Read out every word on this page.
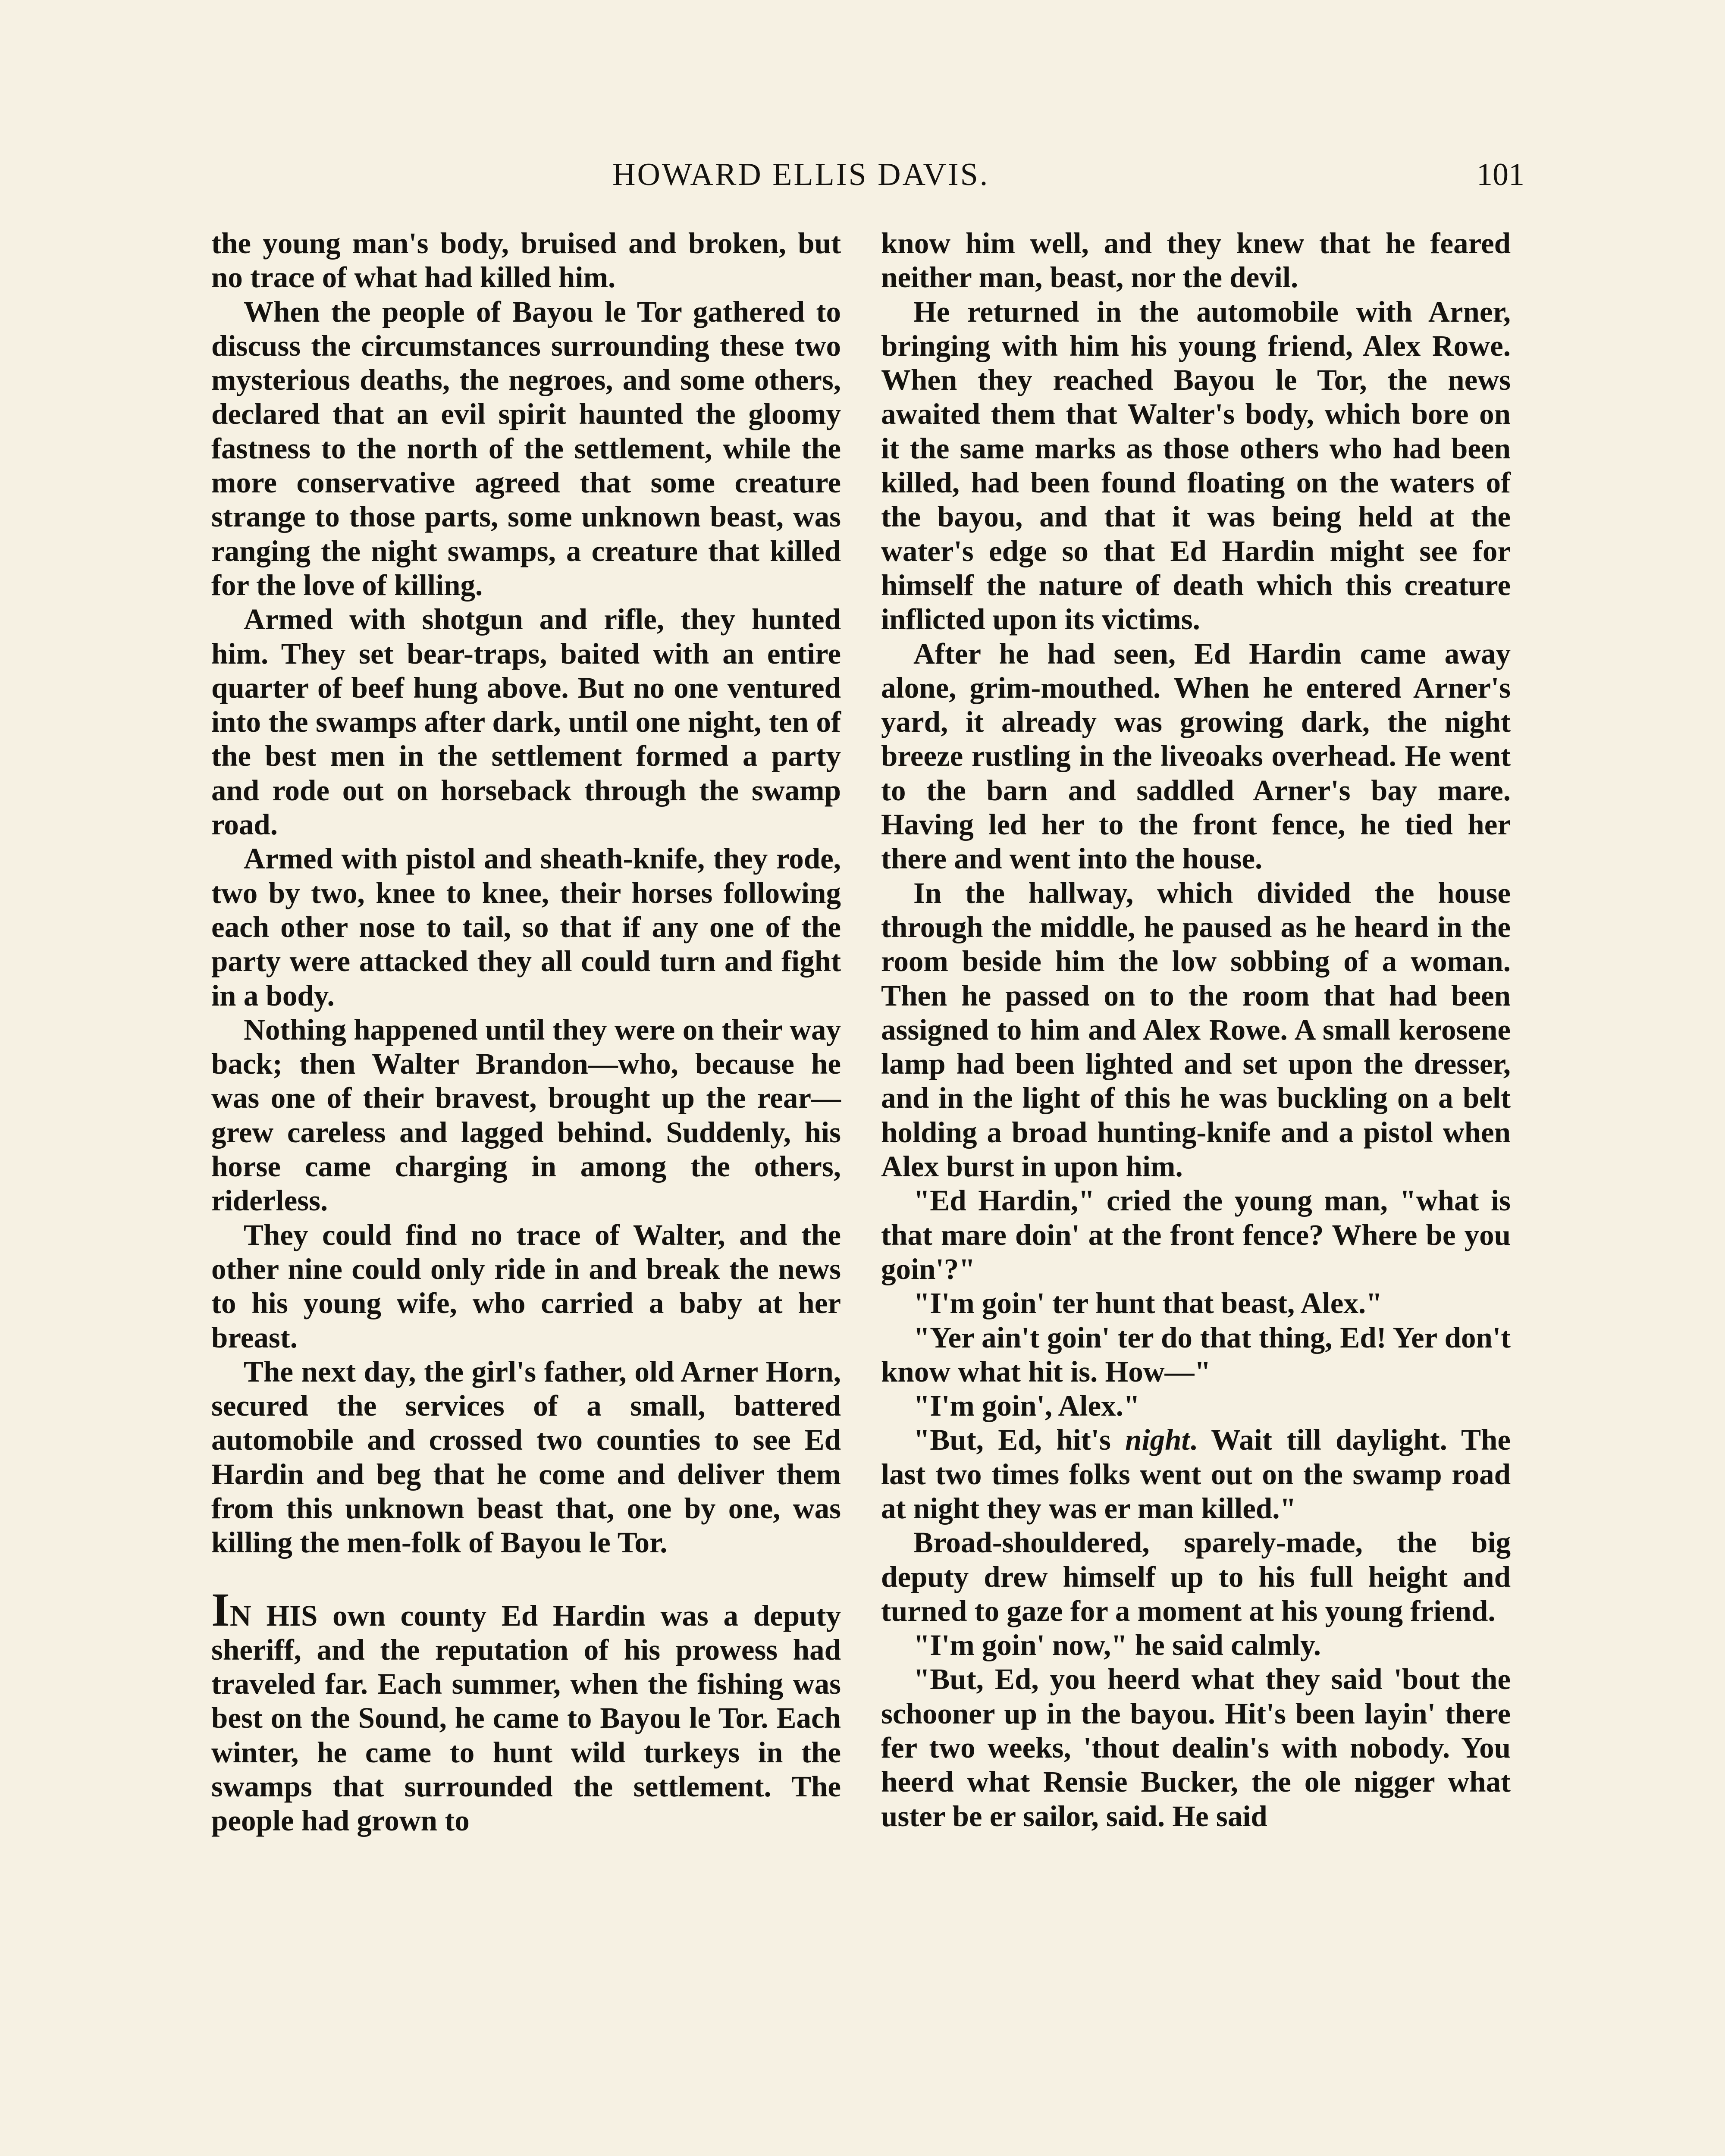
HOWARD ELLIS DAVIS.	101

the young man's body, bruised and broken, but no trace of what had killed him.

When the people of Bayou le Tor gathered to discuss the circumstances surrounding these two mysterious deaths, the negroes, and some others, declared that an evil spirit haunted the gloomy fastness to the north of the settlement, while the more conservative agreed that some creature strange to those parts, some unknown beast, was ranging the night swamps, a creature that killed for the love of killing.

Armed with shotgun and rifle, they hunted him. They set bear-traps, baited with an entire quarter of beef hung above. But no one ventured into the swamps after dark, until one night, ten of the best men in the settlement formed a party and rode out on horseback through the swamp road.

Armed with pistol and sheath-knife, they rode, two by two, knee to knee, their horses following each other nose to tail, so that if any one of the party were attacked they all could turn and fight in a body.

Nothing happened until they were on their way back; then Walter Brandon—who, because he was one of their bravest, brought up the rear—grew careless and lagged behind. Suddenly, his horse came charging in among the others, riderless.

They could find no trace of Walter, and the other nine could only ride in and break the news to his young wife, who carried a baby at her breast.

The next day, the girl's father, old Arner Horn, secured the services of a small, battered automobile and crossed two counties to see Ed Hardin and beg that he come and deliver them from this unknown beast that, one by one, was killing the men-folk of Bayou le Tor.

IN HIS own county Ed Hardin was a deputy sheriff, and the reputation of his prowess had traveled far. Each summer, when the fishing was best on the Sound, he came to Bayou le Tor. Each winter, he came to hunt wild turkeys in the swamps that surrounded the settlement. The people had grown to

know him well, and they knew that he feared neither man, beast, nor the devil.

He returned in the automobile with Arner, bringing with him his young friend, Alex Rowe. When they reached Bayou le Tor, the news awaited them that Walter's body, which bore on it the same marks as those others who had been killed, had been found floating on the waters of the bayou, and that it was being held at the water's edge so that Ed Hardin might see for himself the nature of death which this creature inflicted upon its victims.

After he had seen, Ed Hardin came away alone, grim-mouthed. When he entered Arner's yard, it already was growing dark, the night breeze rustling in the liveoaks overhead. He went to the barn and saddled Arner's bay mare. Having led her to the front fence, he tied her there and went into the house.

In the hallway, which divided the house through the middle, he paused as he heard in the room beside him the low sobbing of a woman. Then he passed on to the room that had been assigned to him and Alex Rowe. A small kerosene lamp had been lighted and set upon the dresser, and in the light of this he was buckling on a belt holding a broad hunting-knife and a pistol when Alex burst in upon him.

"Ed Hardin," cried the young man, "what is that mare doin' at the front fence? Where be you goin'?"

"I'm goin' ter hunt that beast, Alex."

"Yer ain't goin' ter do that thing, Ed! Yer don't know what hit is. How—"

"I'm goin', Alex."

"But, Ed, hit's night. Wait till daylight. The last two times folks went out on the swamp road at night they was er man killed."

Broad-shouldered, sparely-made, the big deputy drew himself up to his full height and turned to gaze for a moment at his young friend.

"I'm goin' now," he said calmly.

"But, Ed, you heerd what they said 'bout the schooner up in the bayou. Hit's been layin' there fer two weeks, 'thout dealin's with nobody. You heerd what Rensie Bucker, the ole nigger what uster be er sailor, said. He said
